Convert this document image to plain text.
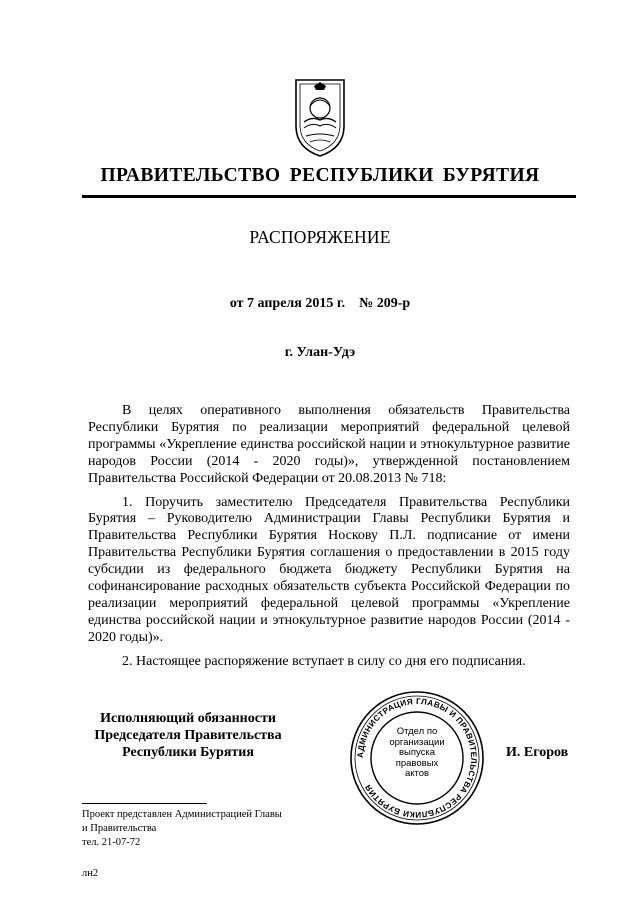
ПРАВИТЕЛЬСТВО РЕСПУБЛИКИ БУРЯТИЯ
РАСПОРЯЖЕНИЕ
от 7 апреля 2015 г. № 209-р
г. Улан-Удэ

В целях оперативного выполнения обязательств Правительства Республики Бурятия по реализации мероприятий федеральной целевой программы «Укрепление единства российской нации и этнокультурное развитие народов России (2014 - 2020 годы)», утвержденной постановлением Правительства Российской Федерации от 20.08.2013 № 718:

1. Поручить заместителю Председателя Правительства Республики Бурятия – Руководителю Администрации Главы Республики Бурятия и Правительства Республики Бурятия Носкову П.Л. подписание от имени Правительства Республики Бурятия соглашения о предоставлении в 2015 году субсидии из федерального бюджета бюджету Республики Бурятия на софинансирование расходных обязательств субъекта Российской Федерации по реализации мероприятий федеральной целевой программы «Укрепление единства российской нации и этнокультурное развитие народов России (2014 - 2020 годы)».

2. Настоящее распоряжение вступает в силу со дня его подписания.

Исполняющий обязанности
Председателя Правительства
Республики Бурятия	АДМИНИСТРАЦИЯ ГЛАВЫ И ПРАВИТЕЛЬСТВА РЕСПУБЛИКИ БУРЯТИЯ
Отдел по
организации
выпуска
правовых
актов
И. Егоров
Проект представлен Администрацией Главы
и Правительства
тел. 21-07-72
лн2
